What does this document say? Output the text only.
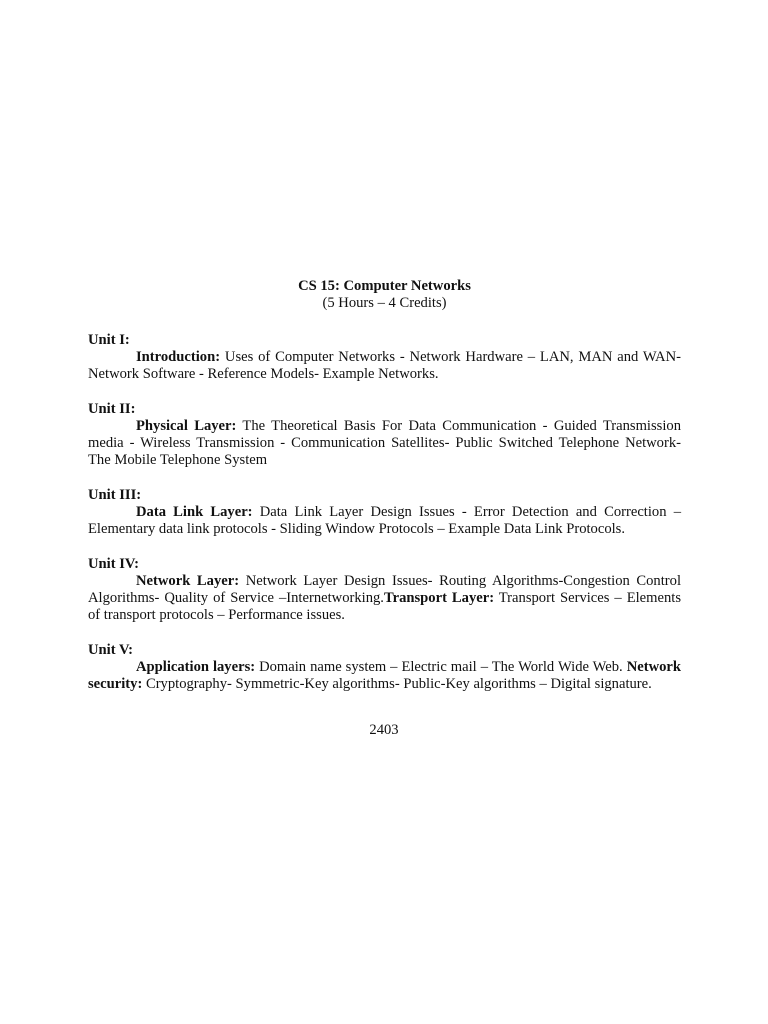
CS 15: Computer Networks
(5 Hours – 4 Credits)
Unit I:
Introduction: Uses of Computer Networks - Network Hardware – LAN, MAN and WAN- Network Software - Reference Models- Example Networks.
Unit II:
Physical Layer: The Theoretical Basis For Data Communication - Guided Transmission media - Wireless Transmission - Communication Satellites- Public Switched Telephone Network- The Mobile Telephone System
Unit III:
Data Link Layer: Data Link Layer Design Issues - Error Detection and Correction – Elementary data link protocols - Sliding Window Protocols – Example Data Link Protocols.
Unit IV:
Network Layer: Network Layer Design Issues- Routing Algorithms-Congestion Control Algorithms- Quality of Service –Internetworking.Transport Layer: Transport Services – Elements of transport protocols – Performance issues.
Unit V:
Application layers: Domain name system – Electric mail – The World Wide Web. Network security: Cryptography- Symmetric-Key algorithms- Public-Key algorithms – Digital signature.
2403
